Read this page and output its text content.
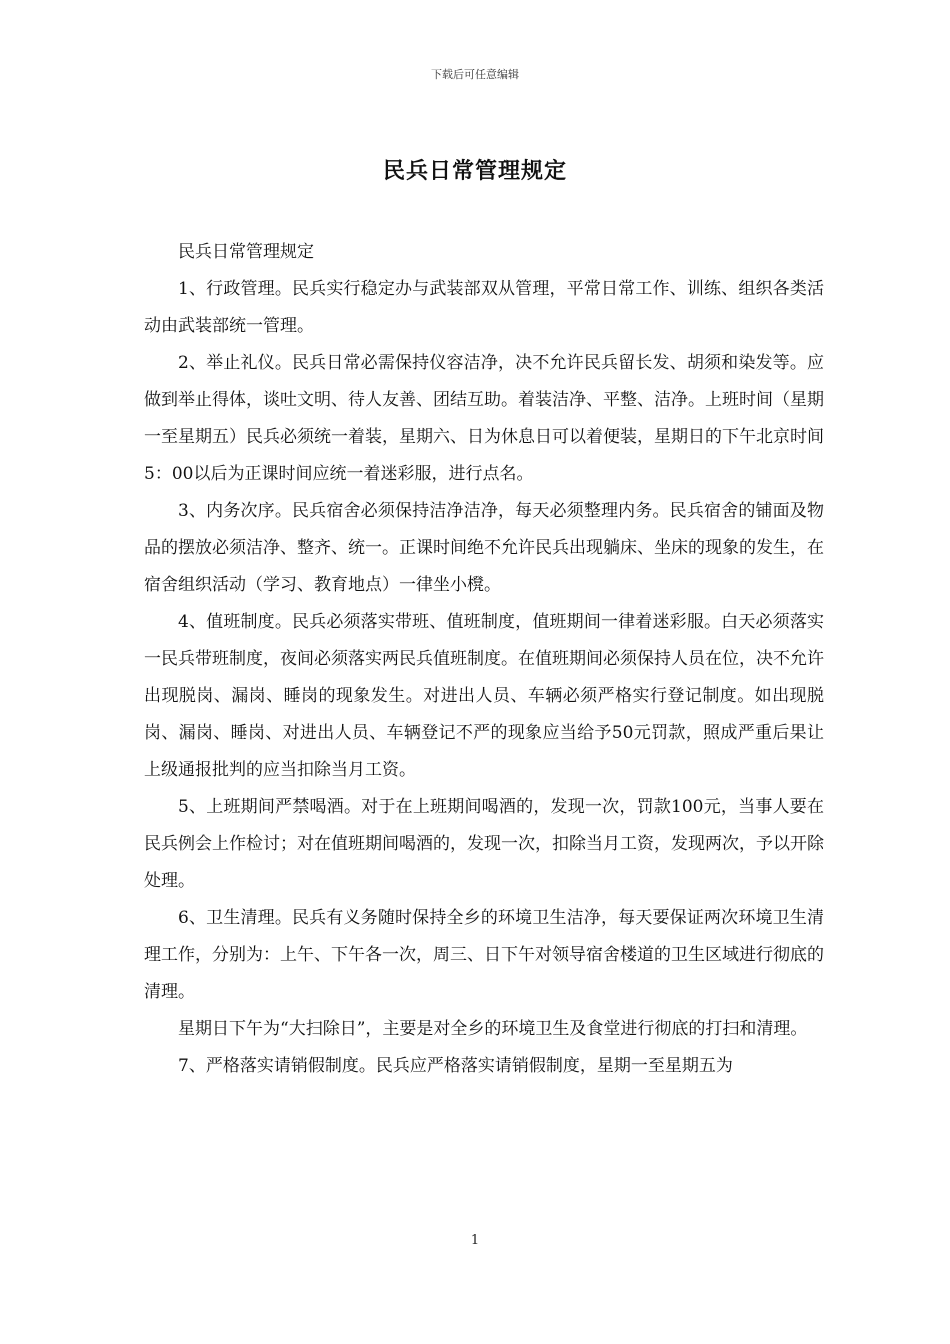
下载后可任意编辑
民兵日常管理规定

民兵日常管理规定

1、行政管理。民兵实行稳定办与武装部双从管理，平常日常工作、训练、组织各类活动由武装部统一管理。

2、举止礼仪。民兵日常必需保持仪容洁净，决不允许民兵留长发、胡须和染发等。应做到举止得体，谈吐文明、待人友善、团结互助。着装洁净、平整、洁净。上班时间（星期一至星期五）民兵必须统一着装，星期六、日为休息日可以着便装，星期日的下午北京时间5：00以后为正课时间应统一着迷彩服，进行点名。

3、内务次序。民兵宿舍必须保持洁净洁净，每天必须整理内务。民兵宿舍的铺面及物品的摆放必须洁净、整齐、统一。正课时间绝不允许民兵出现躺床、坐床的现象的发生，在宿舍组织活动（学习、教育地点）一律坐小櫈。

4、值班制度。民兵必须落实带班、值班制度，值班期间一律着迷彩服。白天必须落实一民兵带班制度，夜间必须落实两民兵值班制度。在值班期间必须保持人员在位，决不允许出现脱岗、漏岗、睡岗的现象发生。对进出人员、车辆必须严格实行登记制度。如出现脱岗、漏岗、睡岗、对进出人员、车辆登记不严的现象应当给予50元罚款，照成严重后果让上级通报批判的应当扣除当月工资。

5、上班期间严禁喝酒。对于在上班期间喝酒的，发现一次，罚款100元，当事人要在民兵例会上作检讨；对在值班期间喝酒的，发现一次，扣除当月工资，发现两次，予以开除处理。

6、卫生清理。民兵有义务随时保持全乡的环境卫生洁净，每天要保证两次环境卫生清理工作，分别为：上午、下午各一次，周三、日下午对领导宿舍楼道的卫生区域进行彻底的清理。

星期日下午为“大扫除日”，主要是对全乡的环境卫生及食堂进行彻底的打扫和清理。

7、严格落实请销假制度。民兵应严格落实请销假制度，星期一至星期五为

1
